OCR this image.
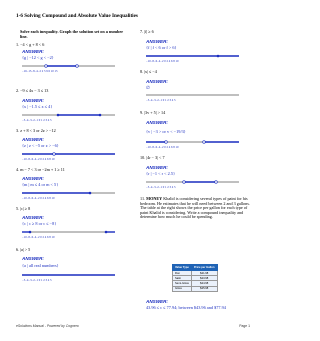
1-6 Solving Compound and Absolute Value Inequalities
Solve each inequality. Graph the solution set on a number line.
1. −4 < g + 8 < 6
ANSWER:
{g | −12 < g < −2}
−16−15−8−4−2 2 5 9 6 10 15
2. −9 ≤ 4x − 3 ≤ 13
ANSWER:
{x | −1.5 ≤ x ≤ 4}
−5−4−3−2−1 0 1 2 3 4 5
3. z + 8 < 3 or 2z > −12
ANSWER:
{z | z < −5 or z > −6}
−10−8−6−4−2 0 2 4 6 8 10
4. m − 7 < 3 or −2m + 1 ≥ 11
ANSWER:
{m | m ≤ 4 or m < 5}
−10−8−6−4−2 0 2 4 6 8 10
5. |c| ≥ 8
ANSWER:
{c | c ≥ 8 or c ≤ −8}
−10−8−6−4−2 0 2 4 6 8 10
6. |a| > 5
ANSWER:
{a | all real numbers}
−5−4−3−2−1 0 1 2 3 4 5
7. |f| ≥ 6
ANSWER:
{f | f < 6 or f > 6}
−10−8−6−4−2 0 2 4 6 8 10
8. |x| ≤ −4
ANSWER:
∅
−5−4−3−2−1 0 1 2 3 4 5
9. |3v + 5| > 14
ANSWER:
{v | −3 > or v < −19/3}
−10−8−6−4−2 0 2 4 6 8 10
10. |4r − 3| < 7
ANSWER:
{r | −1 < r < 2.5}
−5−4−3−2−1 0 1 2 3 4 5
11. MONEY Khalid is considering several types of paint for his bedroom. He estimates that he will need between 2 and 3 gallons. The table at the right shows the price per gallon for each type of paint Khalid is considering. Write a compound inequality and determine how much he could be spending.
Value Type	Price per Gallon
Flat	$21.98
Satin	$23.98
Semi-Gloss	$24.98
Gloss	$25.98
ANSWER:
43.96 ≤ c ≤ 77.94; between $43.96 and $77.94
eSolutions Manual - Powered by Cognero	Page 1
